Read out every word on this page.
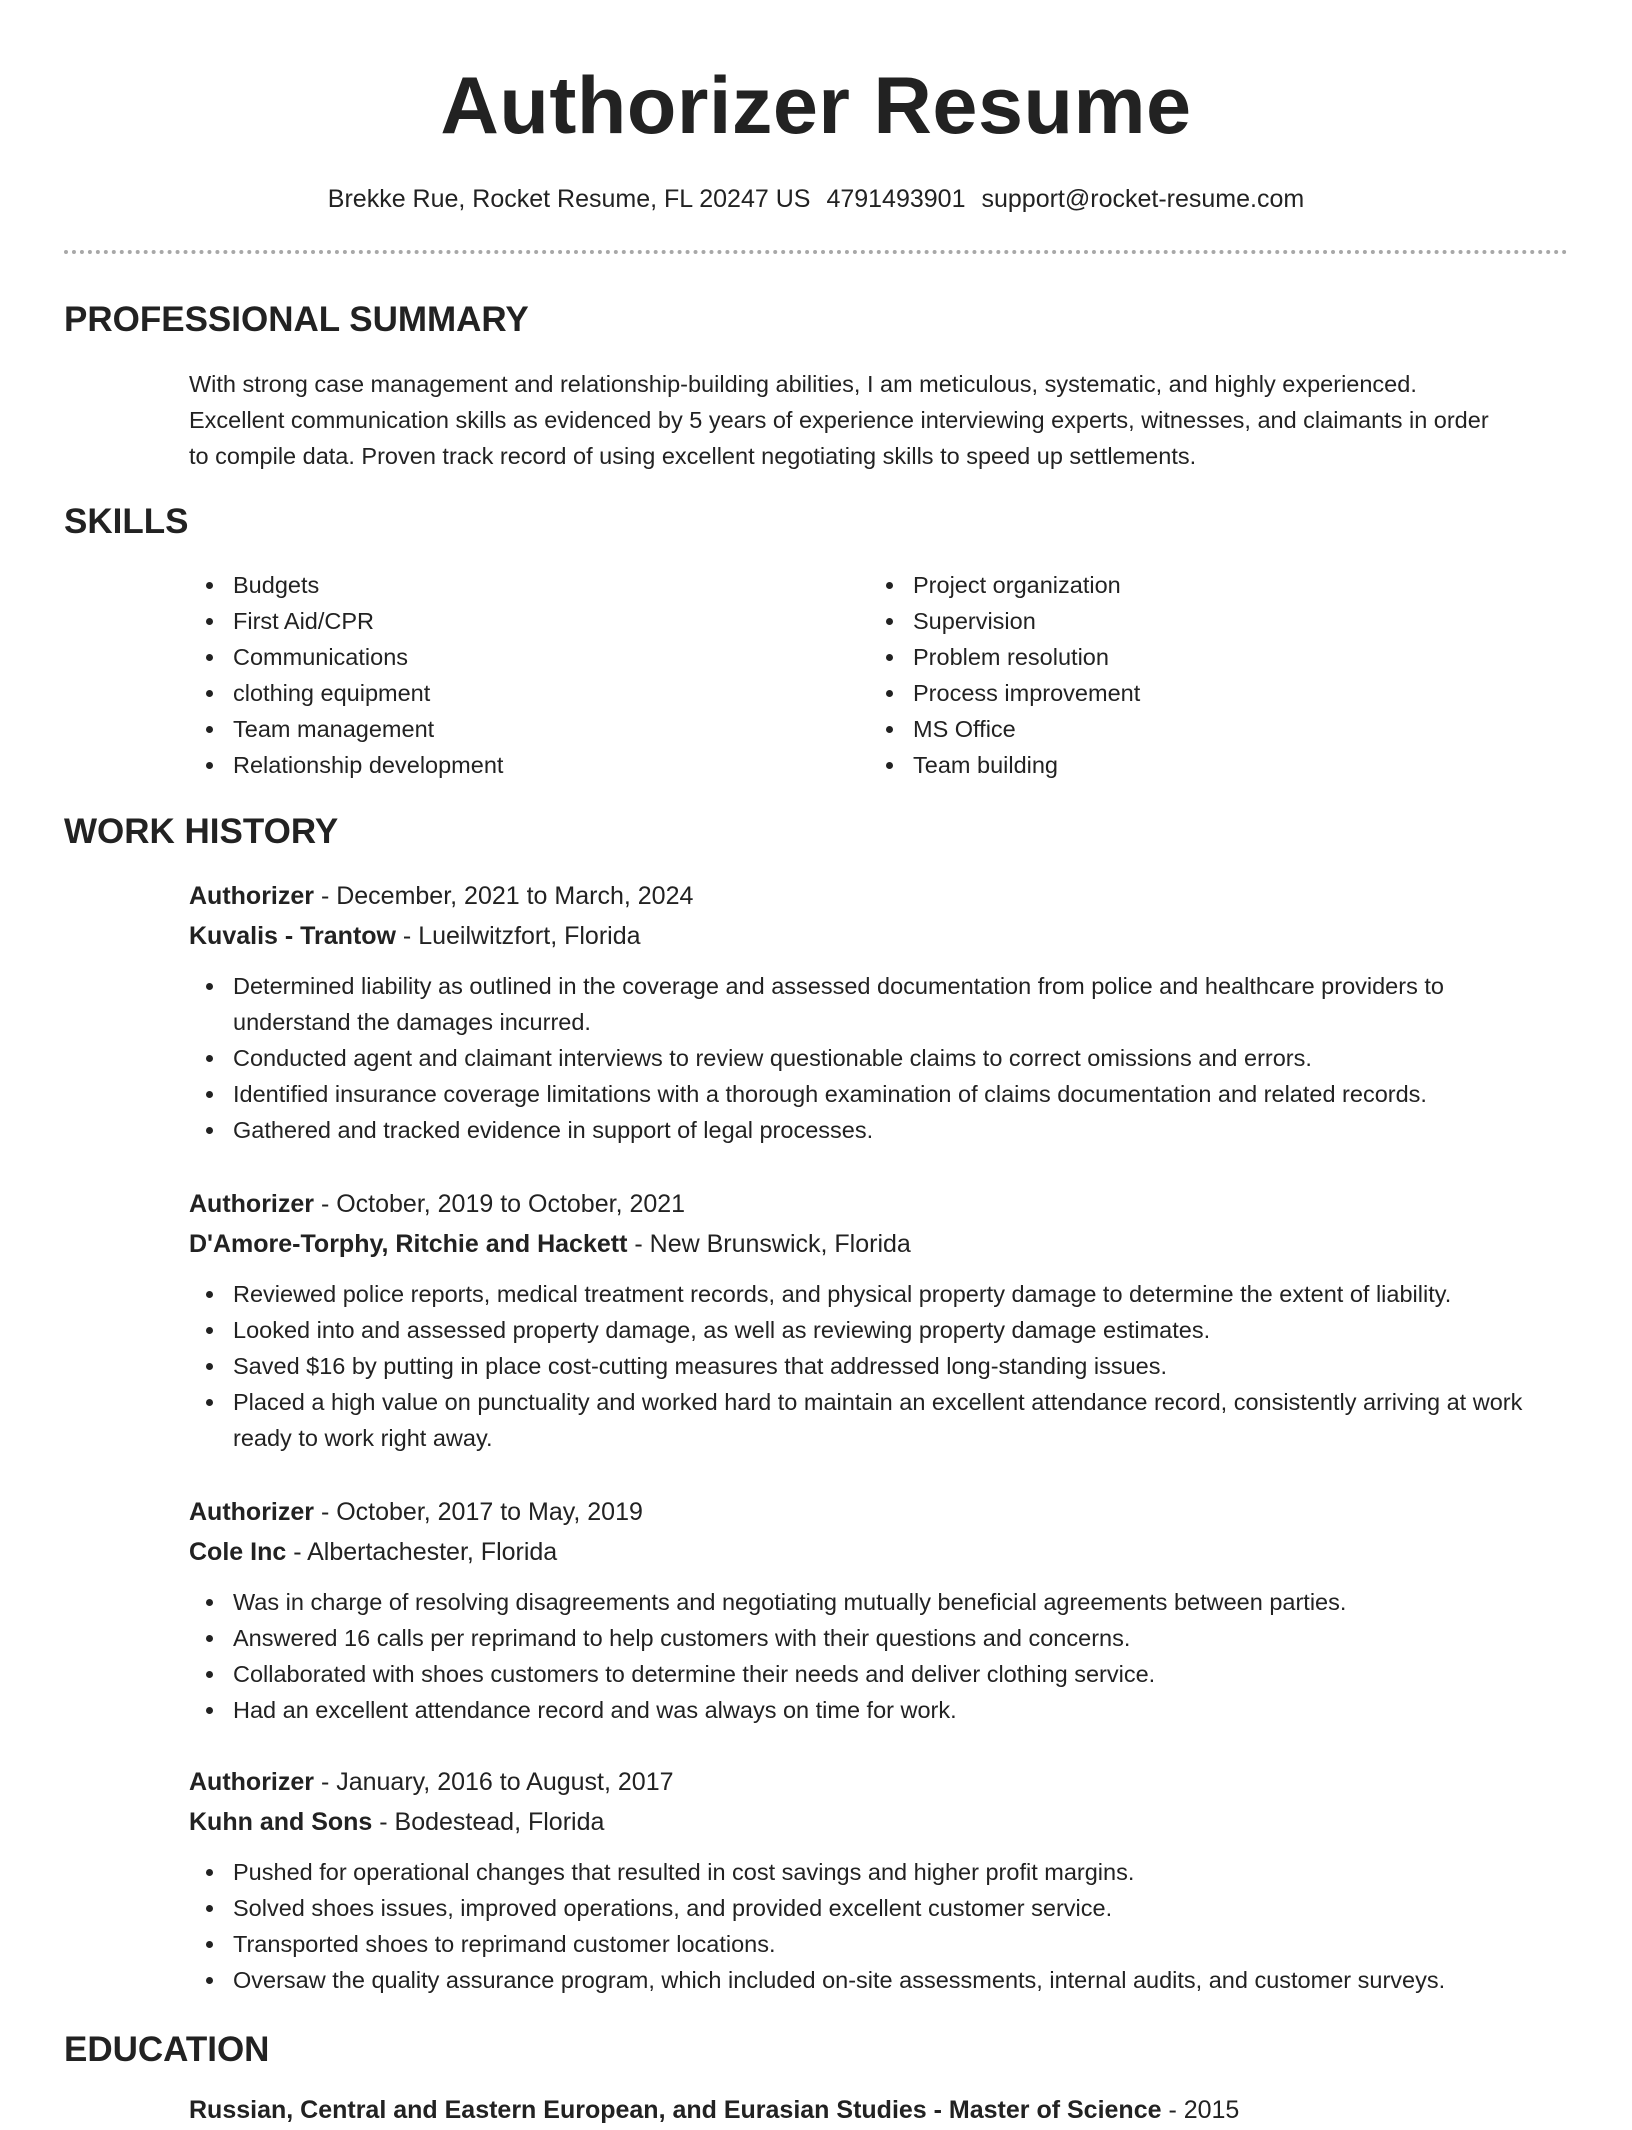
Authorizer Resume
Brekke Rue, Rocket Resume, FL 20247 US 4791493901 support@rocket-resume.com
PROFESSIONAL SUMMARY

With strong case management and relationship-building abilities, I am meticulous, systematic, and highly experienced.

Excellent communication skills as evidenced by 5 years of experience interviewing experts, witnesses, and claimants in order

to compile data. Proven track record of using excellent negotiating skills to speed up settlements.

SKILLS
Budgets
First Aid/CPR
Communications
clothing equipment
Team management
Relationship development
Project organization
Supervision
Problem resolution
Process improvement
MS Office
Team building
WORK HISTORY
Authorizer - December, 2021 to March, 2024
Kuvalis - Trantow - Lueilwitzfort, Florida
Determined liability as outlined in the coverage and assessed documentation from police and healthcare providers to understand the damages incurred.
Conducted agent and claimant interviews to review questionable claims to correct omissions and errors.
Identified insurance coverage limitations with a thorough examination of claims documentation and related records.
Gathered and tracked evidence in support of legal processes.
Authorizer - October, 2019 to October, 2021
D'Amore-Torphy, Ritchie and Hackett - New Brunswick, Florida
Reviewed police reports, medical treatment records, and physical property damage to determine the extent of liability.
Looked into and assessed property damage, as well as reviewing property damage estimates.
Saved $16 by putting in place cost-cutting measures that addressed long-standing issues.
Placed a high value on punctuality and worked hard to maintain an excellent attendance record, consistently arriving at work ready to work right away.
Authorizer - October, 2017 to May, 2019
Cole Inc - Albertachester, Florida
Was in charge of resolving disagreements and negotiating mutually beneficial agreements between parties.
Answered 16 calls per reprimand to help customers with their questions and concerns.
Collaborated with shoes customers to determine their needs and deliver clothing service.
Had an excellent attendance record and was always on time for work.
Authorizer - January, 2016 to August, 2017
Kuhn and Sons - Bodestead, Florida
Pushed for operational changes that resulted in cost savings and higher profit margins.
Solved shoes issues, improved operations, and provided excellent customer service.
Transported shoes to reprimand customer locations.
Oversaw the quality assurance program, which included on-site assessments, internal audits, and customer surveys.
EDUCATION
Russian, Central and Eastern European, and Eurasian Studies - Master of Science - 2015
